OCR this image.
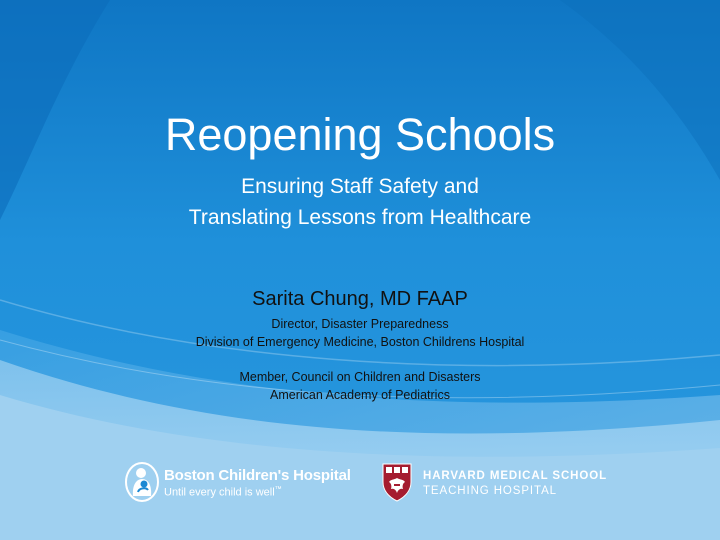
Reopening Schools
Ensuring Staff Safety and
Translating Lessons from Healthcare
Sarita Chung, MD FAAP
Director, Disaster Preparedness
Division of Emergency Medicine, Boston Childrens Hospital
Member, Council on Children and Disasters
American Academy of Pediatrics
Boston Children's Hospital
Until every child is well™
HARVARD MEDICAL SCHOOL
TEACHING HOSPITAL
